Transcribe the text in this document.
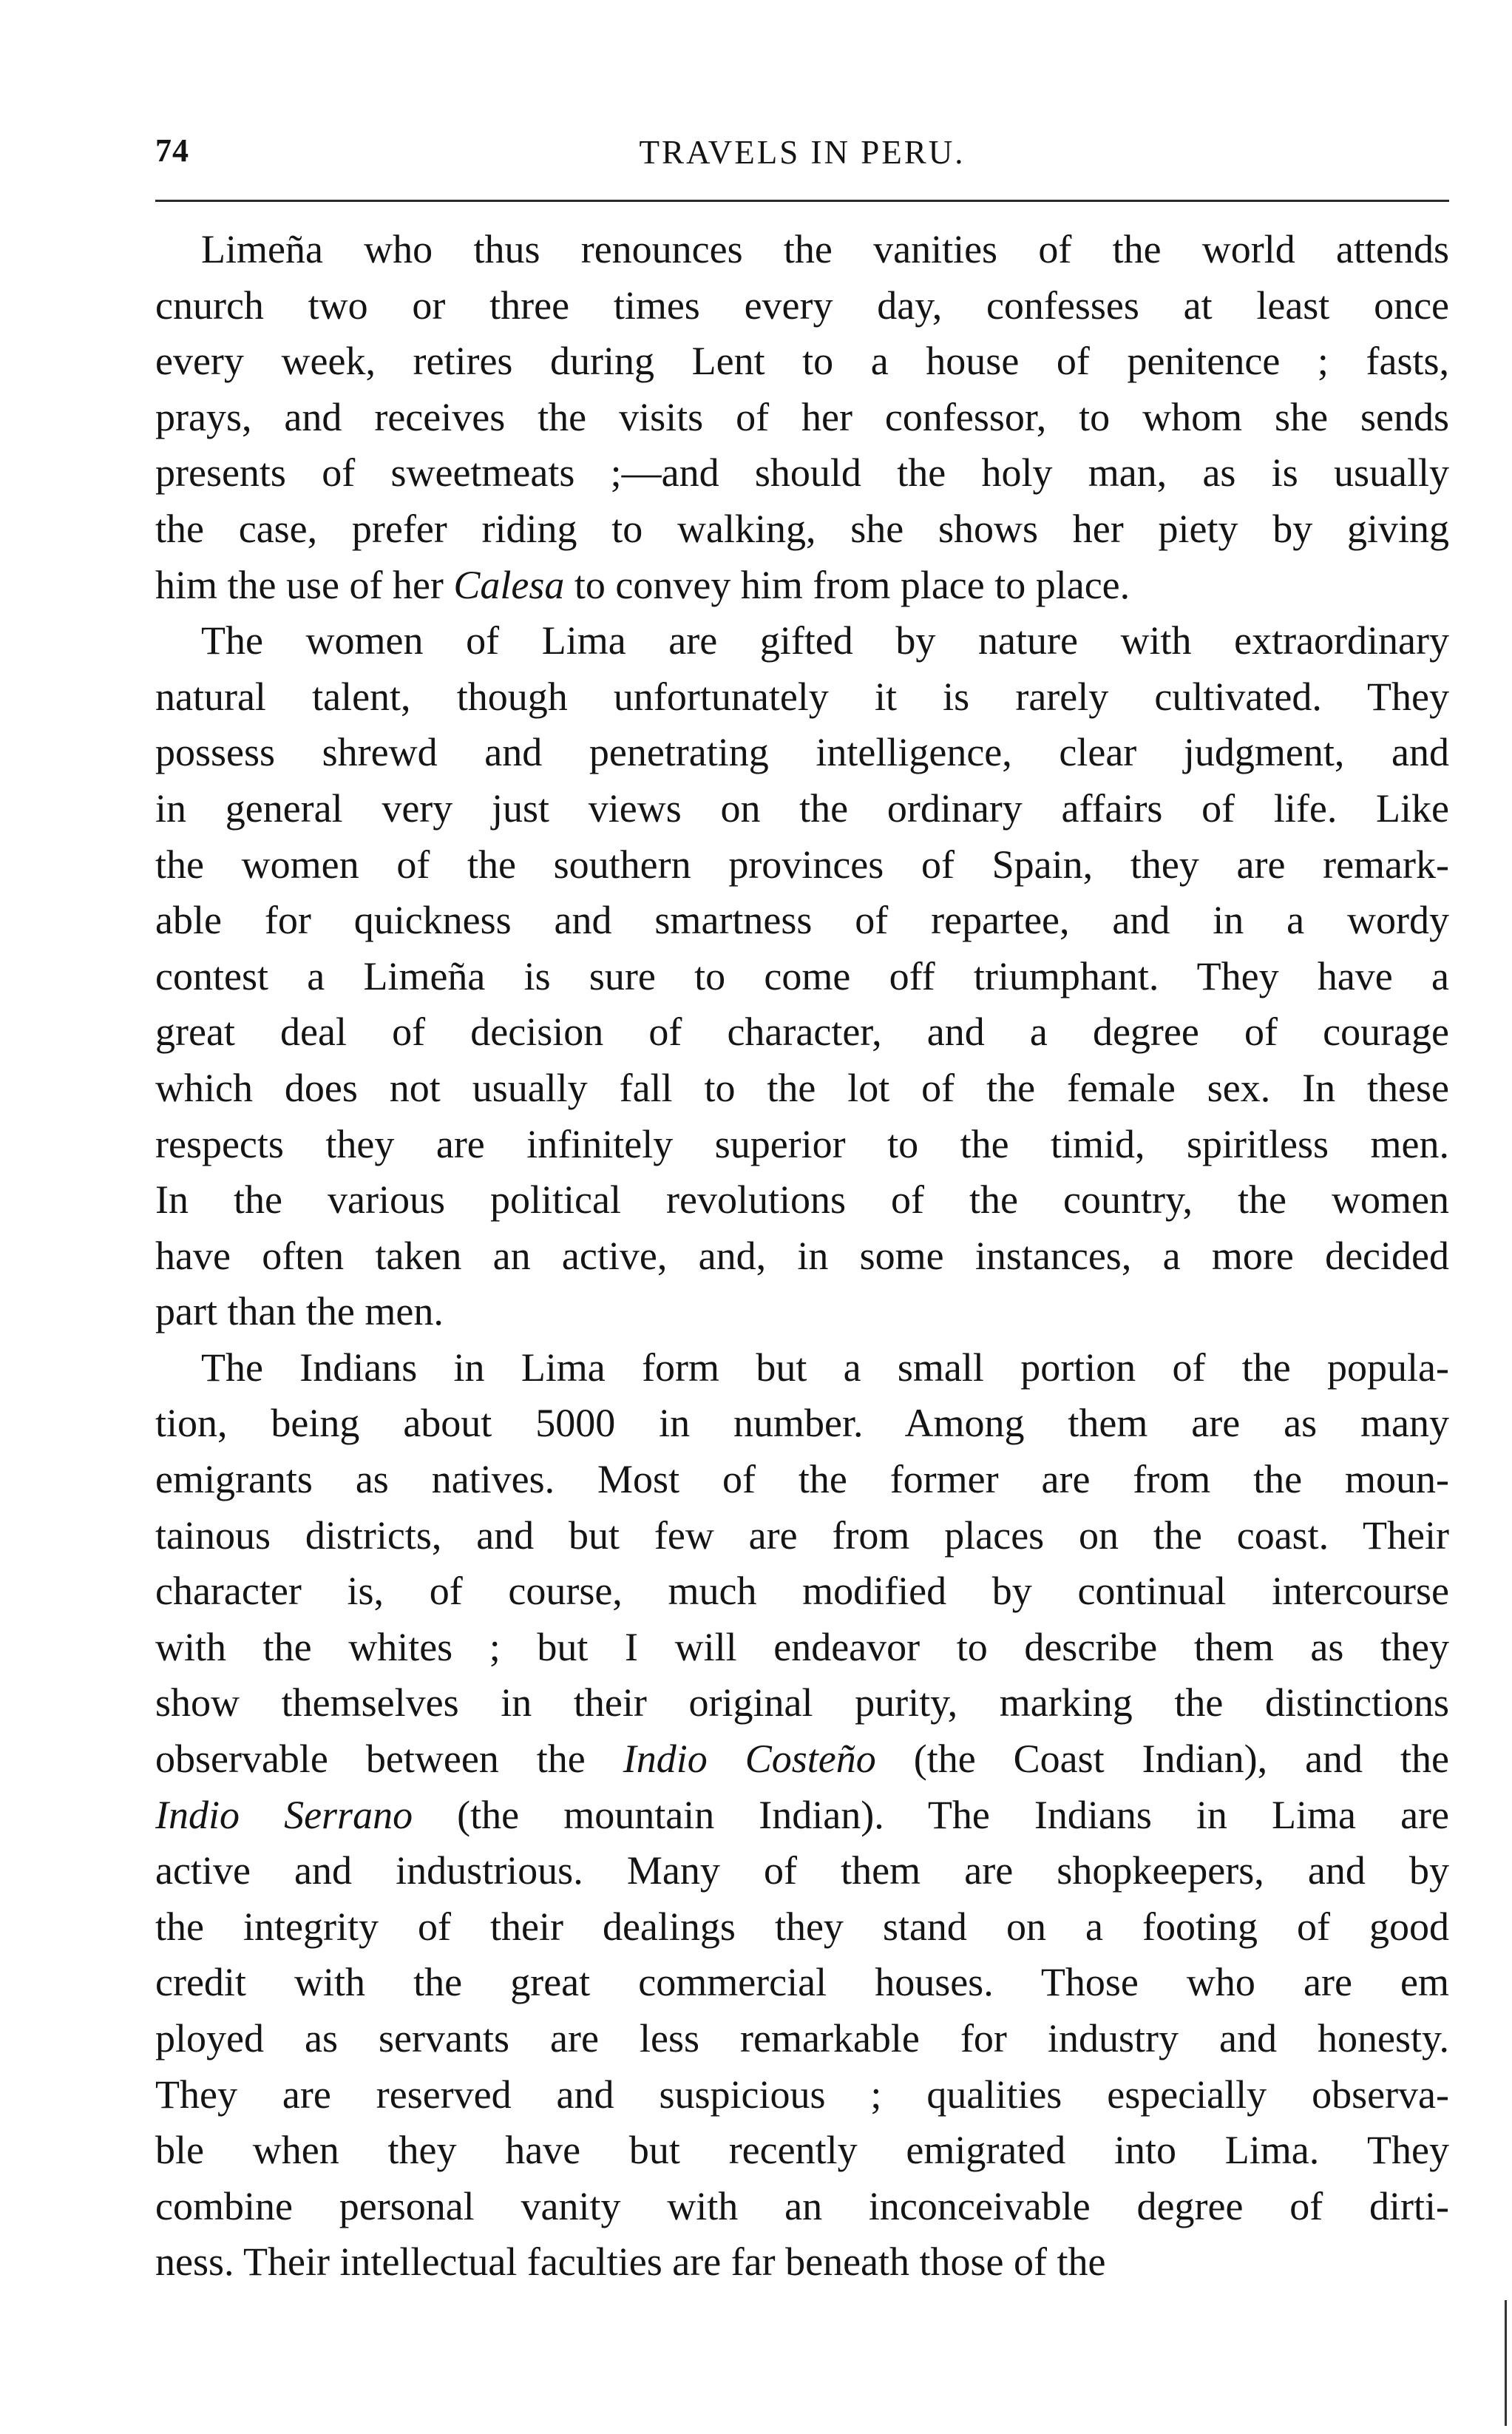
74	TRAVELS IN PERU.
Limeña who thus renounces the vanities of the world attends
cnurch two or three times every day, confesses at least once
every week, retires during Lent to a house of penitence ; fasts,
prays, and receives the visits of her confessor, to whom she sends
presents of sweetmeats ;—and should the holy man, as is usually
the case, prefer riding to walking, she shows her piety by giving
him the use of her Calesa to convey him from place to place.
The women of Lima are gifted by nature with extraordinary
natural talent, though unfortunately it is rarely cultivated. They
possess shrewd and penetrating intelligence, clear judgment, and
in general very just views on the ordinary affairs of life. Like
the women of the southern provinces of Spain, they are remark-
able for quickness and smartness of repartee, and in a wordy
contest a Limeña is sure to come off triumphant. They have a
great deal of decision of character, and a degree of courage
which does not usually fall to the lot of the female sex. In these
respects they are infinitely superior to the timid, spiritless men.
In the various political revolutions of the country, the women
have often taken an active, and, in some instances, a more decided
part than the men.
The Indians in Lima form but a small portion of the popula-
tion, being about 5000 in number. Among them are as many
emigrants as natives. Most of the former are from the moun-
tainous districts, and but few are from places on the coast. Their
character is, of course, much modified by continual intercourse
with the whites ; but I will endeavor to describe them as they
show themselves in their original purity, marking the distinctions
observable between the Indio Costeño (the Coast Indian), and the
Indio Serrano (the mountain Indian). The Indians in Lima are
active and industrious. Many of them are shopkeepers, and by
the integrity of their dealings they stand on a footing of good
credit with the great commercial houses. Those who are em
ployed as servants are less remarkable for industry and honesty.
They are reserved and suspicious ; qualities especially observa-
ble when they have but recently emigrated into Lima. They
combine personal vanity with an inconceivable degree of dirti-
ness. Their intellectual faculties are far beneath those of the
